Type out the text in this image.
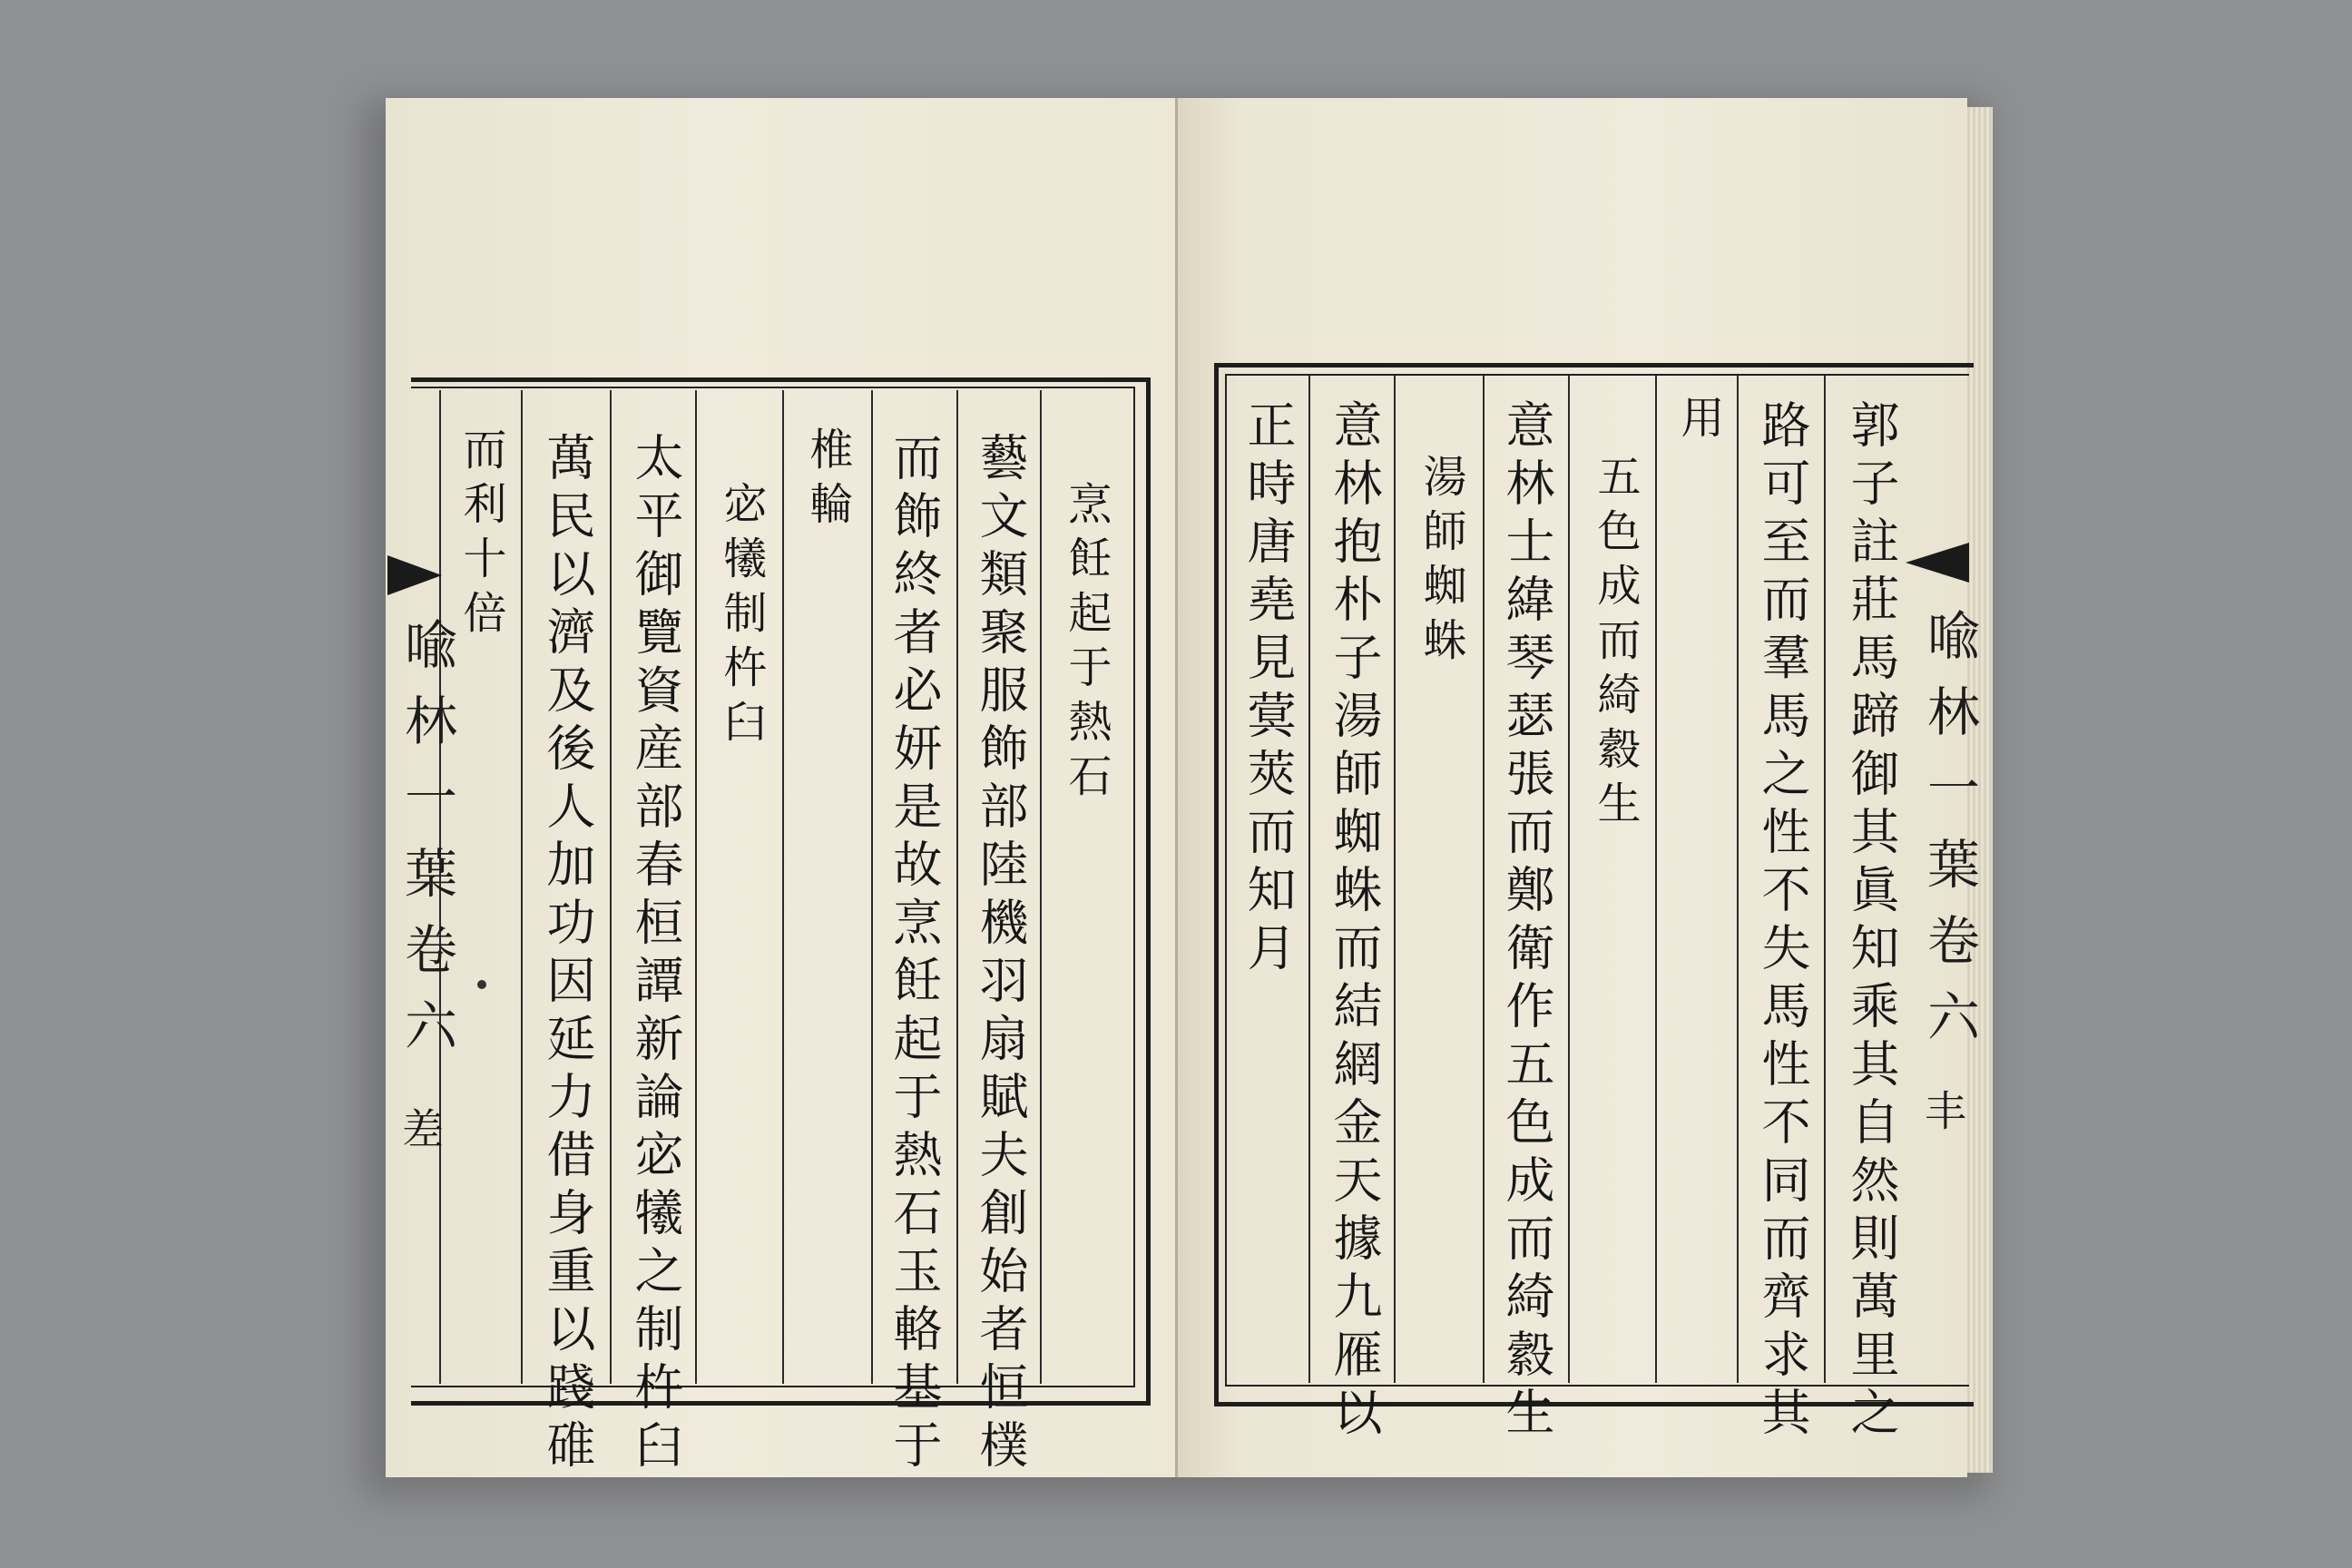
烹飪起于熱石
藝文類聚服飾部陸機羽扇賦夫創始者恒樸
而飾終者必妍是故烹飪起于熱石玉輅基于
椎輪
宓犧制杵臼
太平御覽資産部春桓譚新論宓犧之制杵臼
萬民以濟及後人加功因延力借身重以踐碓
而利十倍
喩林一葉卷六
差	郭子註莊馬蹄御其眞知乘其自然則萬里之
路可至而羣馬之性不失馬性不同而齊求其
用
五色成而綺縠生
意林士緯琴瑟張而鄭衛作五色成而綺縠生
湯師蜘蛛
意林抱朴子湯師蜘蛛而結網金天據九雁以
正時唐堯見蓂莢而知月	喩林一葉卷六
丰
